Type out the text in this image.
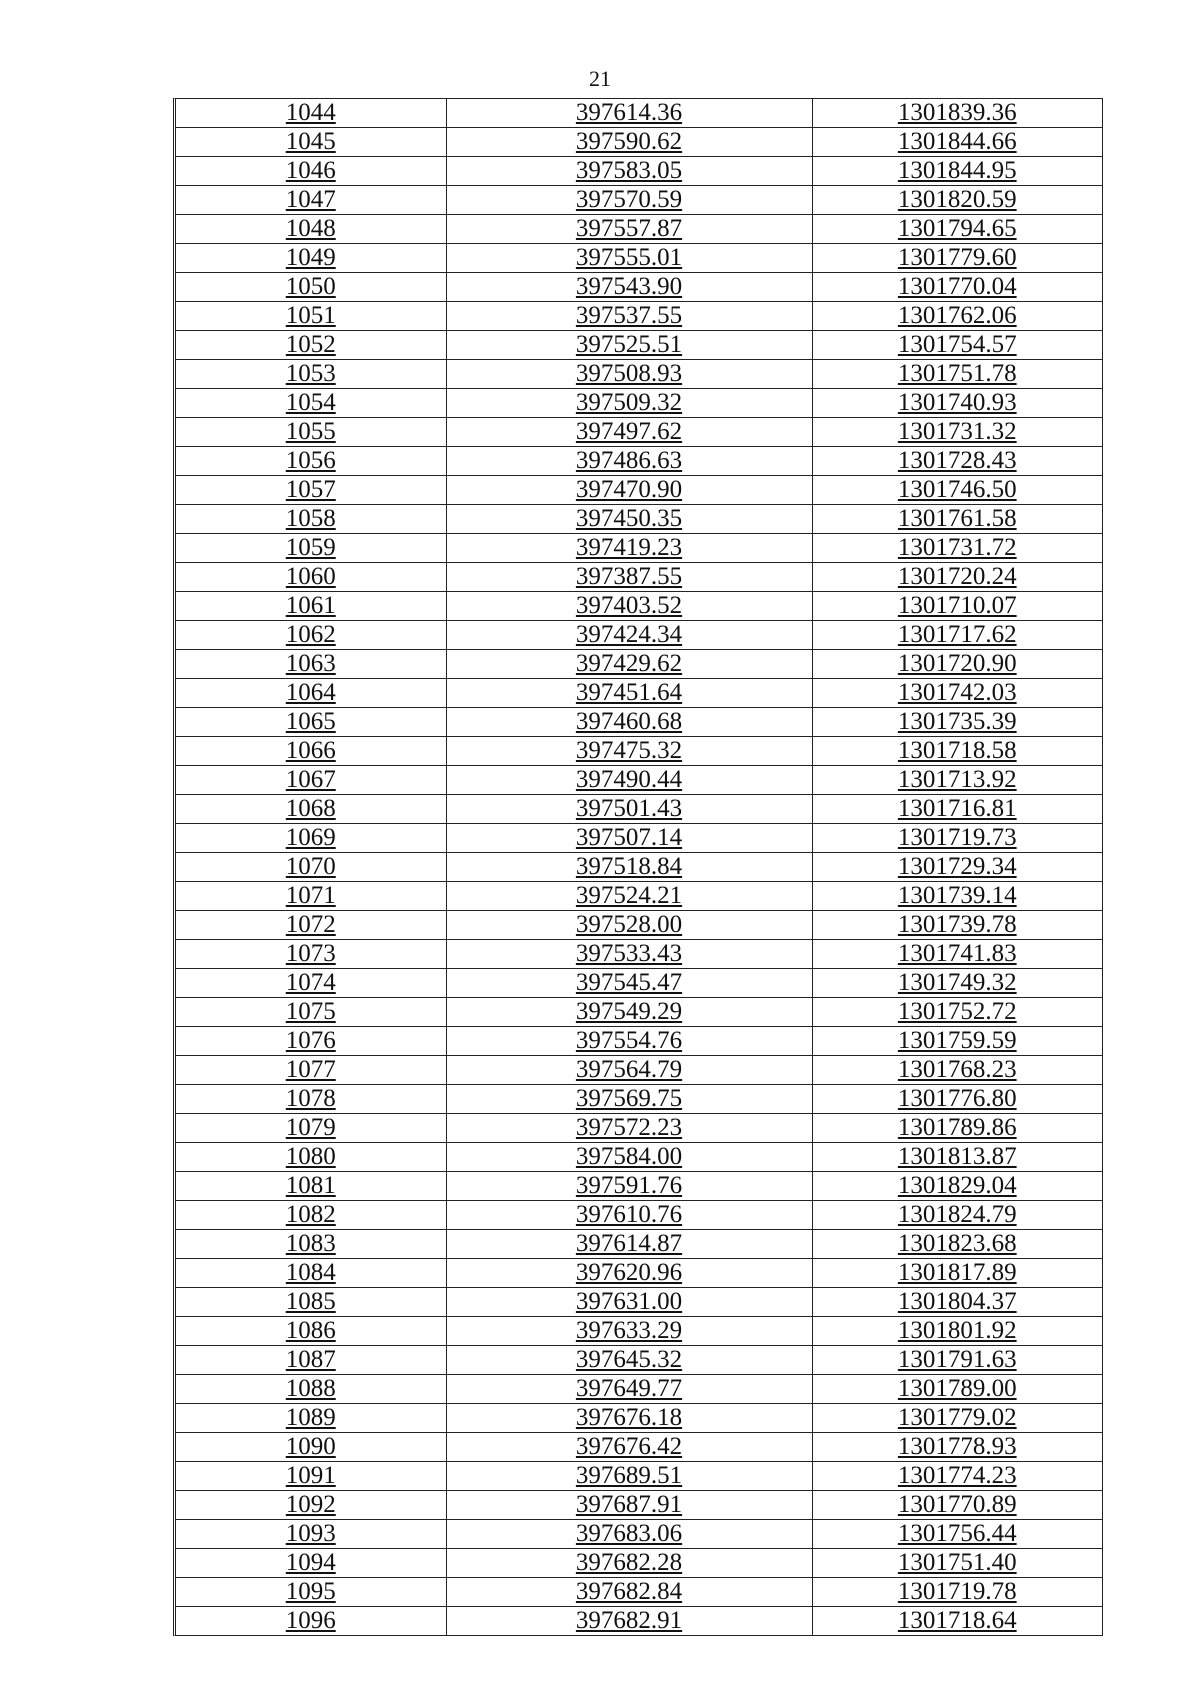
21
1044	397614.36	1301839.36
1045	397590.62	1301844.66
1046	397583.05	1301844.95
1047	397570.59	1301820.59
1048	397557.87	1301794.65
1049	397555.01	1301779.60
1050	397543.90	1301770.04
1051	397537.55	1301762.06
1052	397525.51	1301754.57
1053	397508.93	1301751.78
1054	397509.32	1301740.93
1055	397497.62	1301731.32
1056	397486.63	1301728.43
1057	397470.90	1301746.50
1058	397450.35	1301761.58
1059	397419.23	1301731.72
1060	397387.55	1301720.24
1061	397403.52	1301710.07
1062	397424.34	1301717.62
1063	397429.62	1301720.90
1064	397451.64	1301742.03
1065	397460.68	1301735.39
1066	397475.32	1301718.58
1067	397490.44	1301713.92
1068	397501.43	1301716.81
1069	397507.14	1301719.73
1070	397518.84	1301729.34
1071	397524.21	1301739.14
1072	397528.00	1301739.78
1073	397533.43	1301741.83
1074	397545.47	1301749.32
1075	397549.29	1301752.72
1076	397554.76	1301759.59
1077	397564.79	1301768.23
1078	397569.75	1301776.80
1079	397572.23	1301789.86
1080	397584.00	1301813.87
1081	397591.76	1301829.04
1082	397610.76	1301824.79
1083	397614.87	1301823.68
1084	397620.96	1301817.89
1085	397631.00	1301804.37
1086	397633.29	1301801.92
1087	397645.32	1301791.63
1088	397649.77	1301789.00
1089	397676.18	1301779.02
1090	397676.42	1301778.93
1091	397689.51	1301774.23
1092	397687.91	1301770.89
1093	397683.06	1301756.44
1094	397682.28	1301751.40
1095	397682.84	1301719.78
1096	397682.91	1301718.64
